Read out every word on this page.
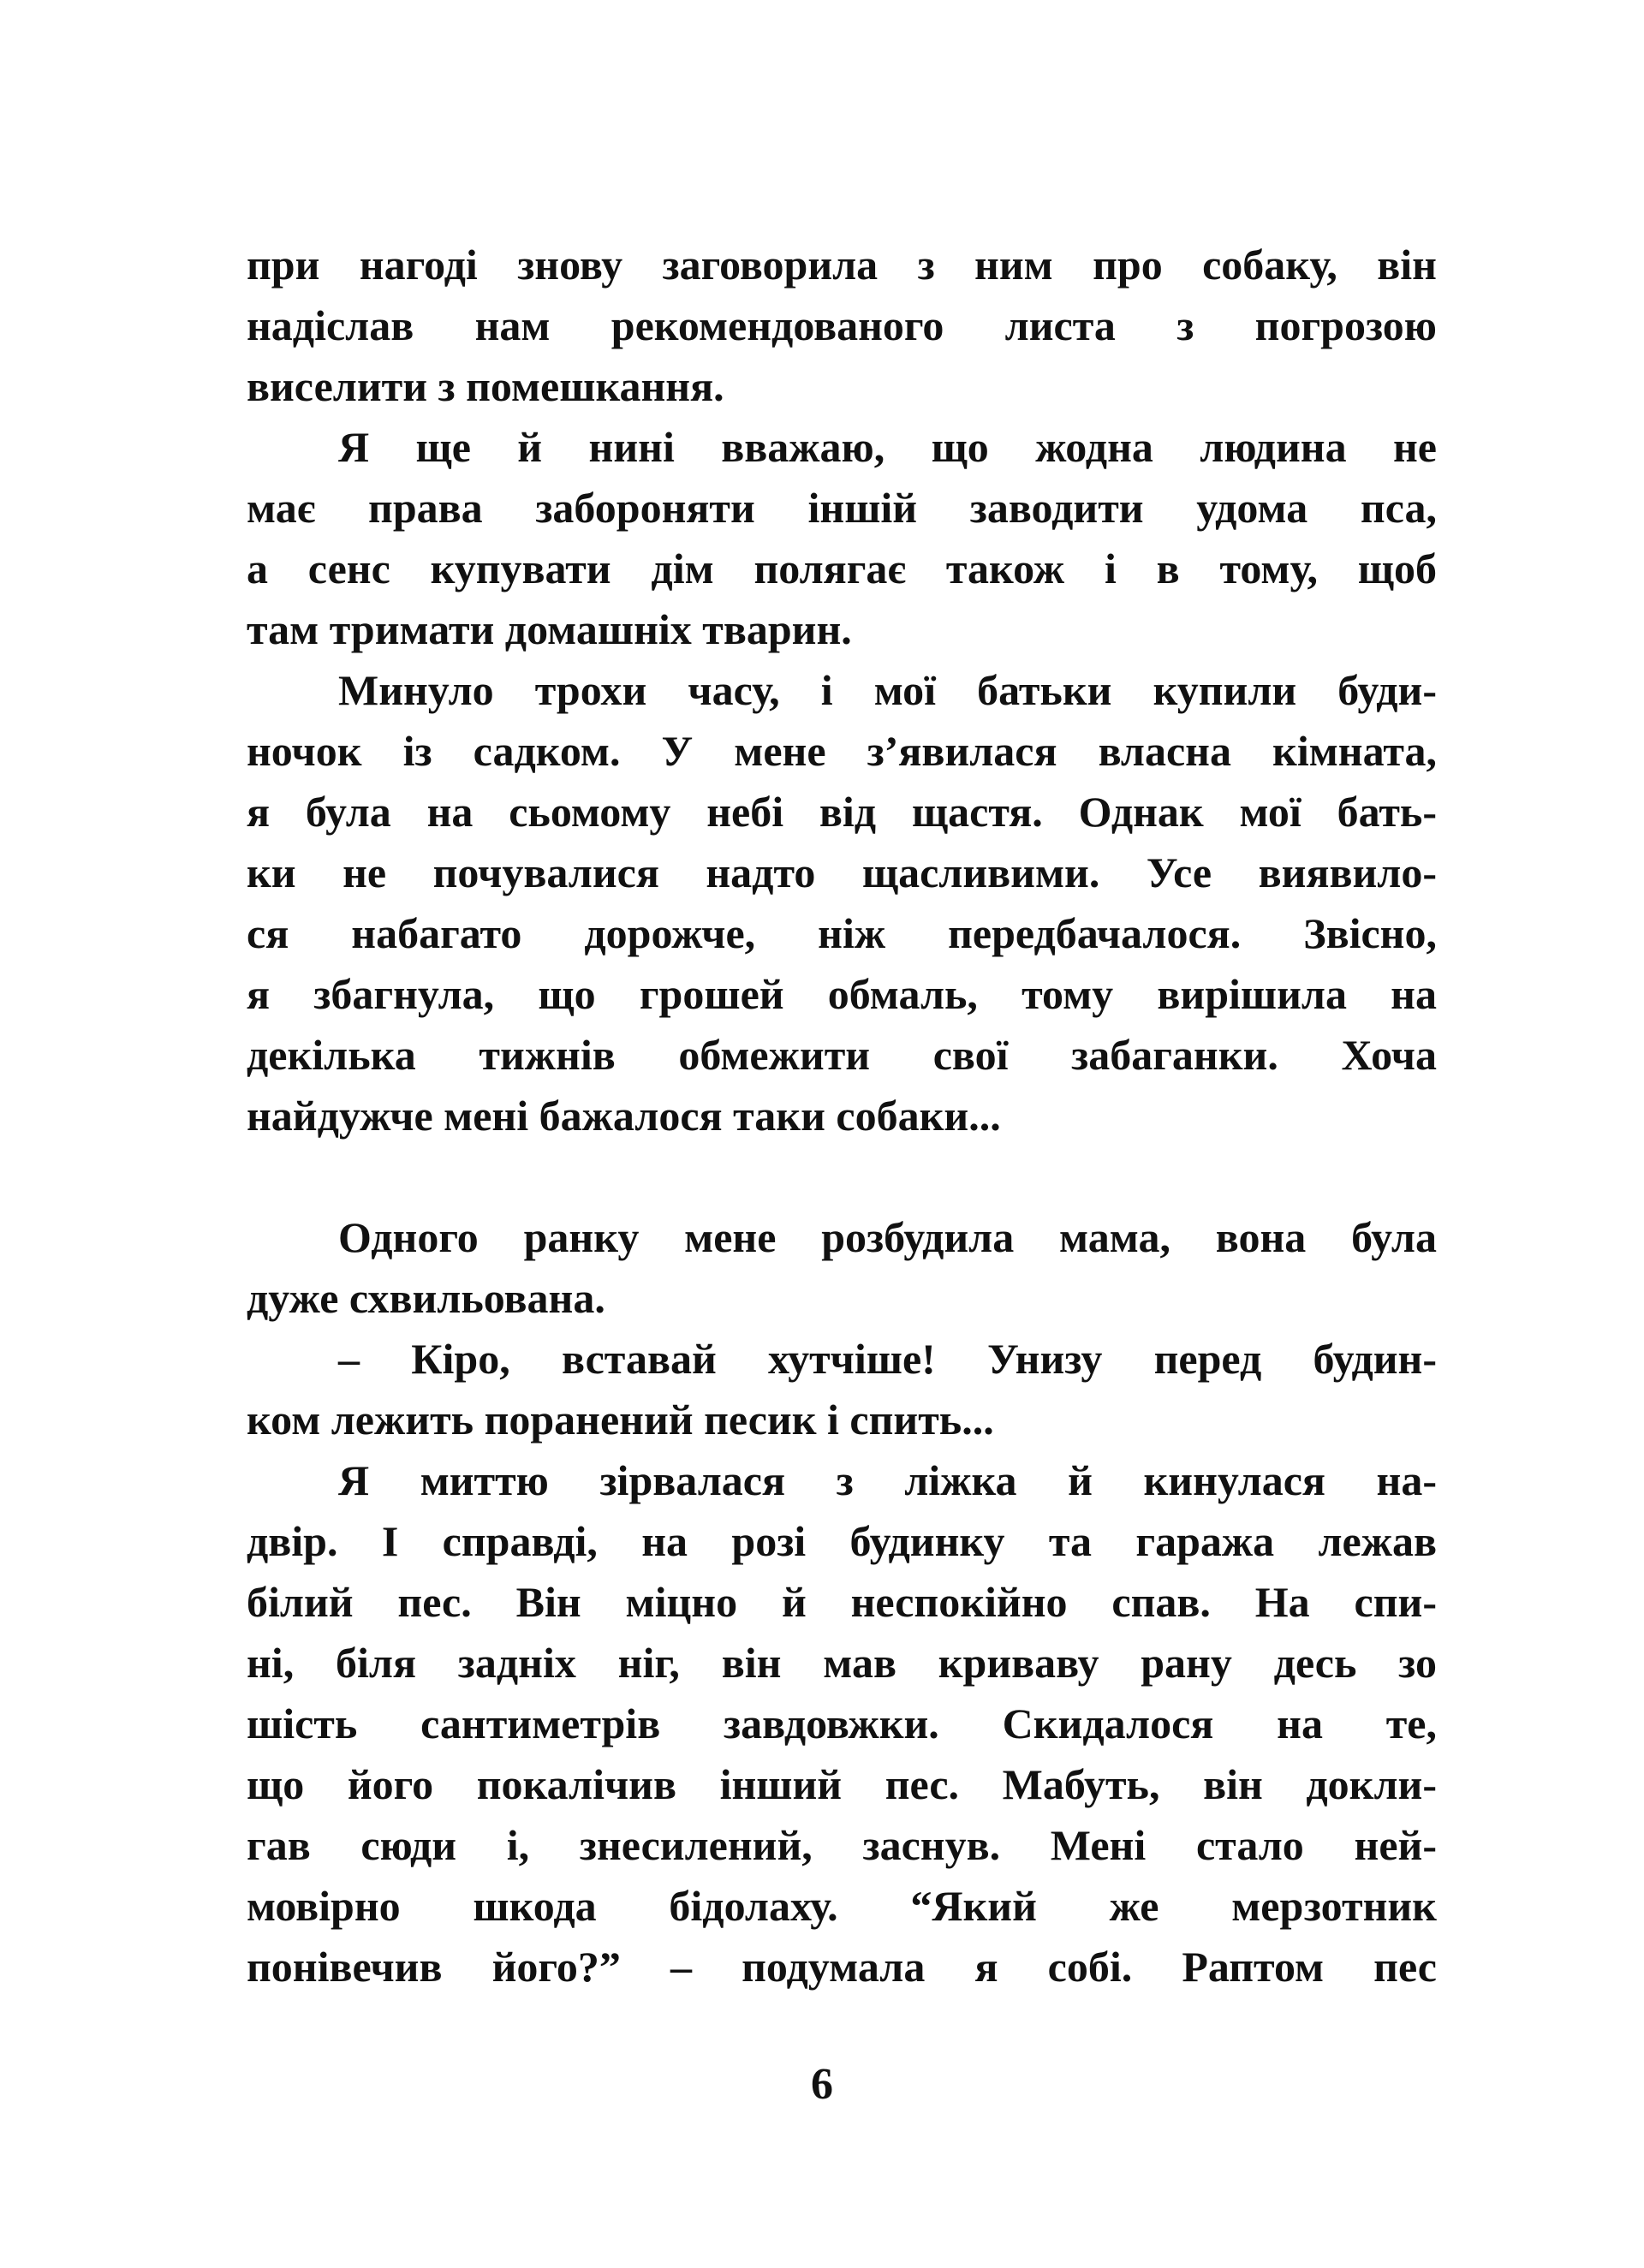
при нагоді знову заговорила з ним про собаку, він
надіслав нам рекомендованого листа з погрозою
виселити з помешкання.
Я ще й нині вважаю, що жодна людина не
має права забороняти іншій заводити удома пса,
а сенс купувати дім полягає також і в тому, щоб
там тримати домашніх тварин.
Минуло трохи часу, і мої батьки купили буди-
ночок із садком. У мене з’явилася власна кімната,
я була на сьомому небі від щастя. Однак мої бать-
ки не почувалися надто щасливими. Усе виявило-
ся набагато дорожче, ніж передбачалося. Звісно,
я збагнула, що грошей обмаль, тому вирішила на
декілька тижнів обмежити свої забаганки. Хоча
найдужче мені бажалося таки собаки...
Одного ранку мене розбудила мама, вона була
дуже схвильована.
– Кіро, вставай хутчіше! Унизу перед будин-
ком лежить поранений песик і спить...
Я миттю зірвалася з ліжка й кинулася на-
двір. І справді, на розі будинку та гаража лежав
білий пес. Він міцно й неспокійно спав. На спи-
ні, біля задніх ніг, він мав криваву рану десь зо
шість сантиметрів завдовжки. Скидалося на те,
що його покалічив інший пес. Мабуть, він докли-
гав сюди і, знесилений, заснув. Мені стало ней-
мовірно шкода бідолаху. “Який же мерзотник
понівечив його?” – подумала я собі. Раптом пес
6
